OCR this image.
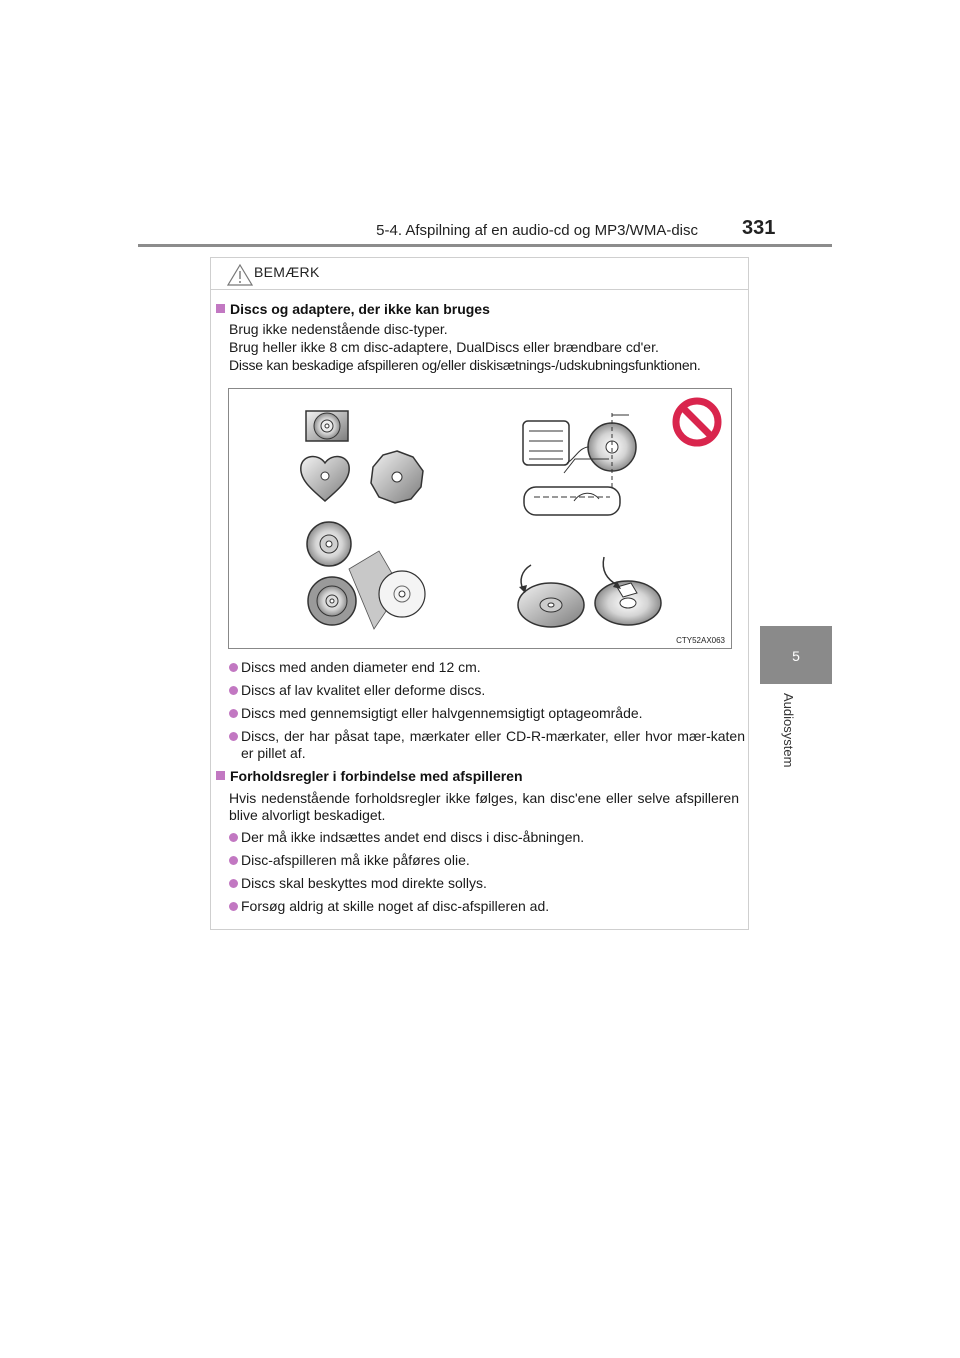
5-4. Afspilning af en audio-cd og MP3/WMA-disc 331
5
Audiosystem
BEMÆRK
Discs og adaptere, der ikke kan bruges
Brug ikke nedenstående disc-typer.
Brug heller ikke 8 cm disc-adaptere, DualDiscs eller brændbare cd'er.
Disse kan beskadige afspilleren og/eller diskisætnings-/udskubningsfunktionen.
CTY52AX063
Discs med anden diameter end 12 cm.
Discs af lav kvalitet eller deforme discs.
Discs med gennemsigtigt eller halvgennemsigtigt optageområde.
Discs, der har påsat tape, mærkater eller CD-R-mærkater, eller hvor mær-katen er pillet af.
Forholdsregler i forbindelse med afspilleren
Hvis nedenstående forholdsregler ikke følges, kan disc'ene eller selve afspilleren blive alvorligt beskadiget.
Der må ikke indsættes andet end discs i disc-åbningen.
Disc-afspilleren må ikke påføres olie.
Discs skal beskyttes mod direkte sollys.
Forsøg aldrig at skille noget af disc-afspilleren ad.
